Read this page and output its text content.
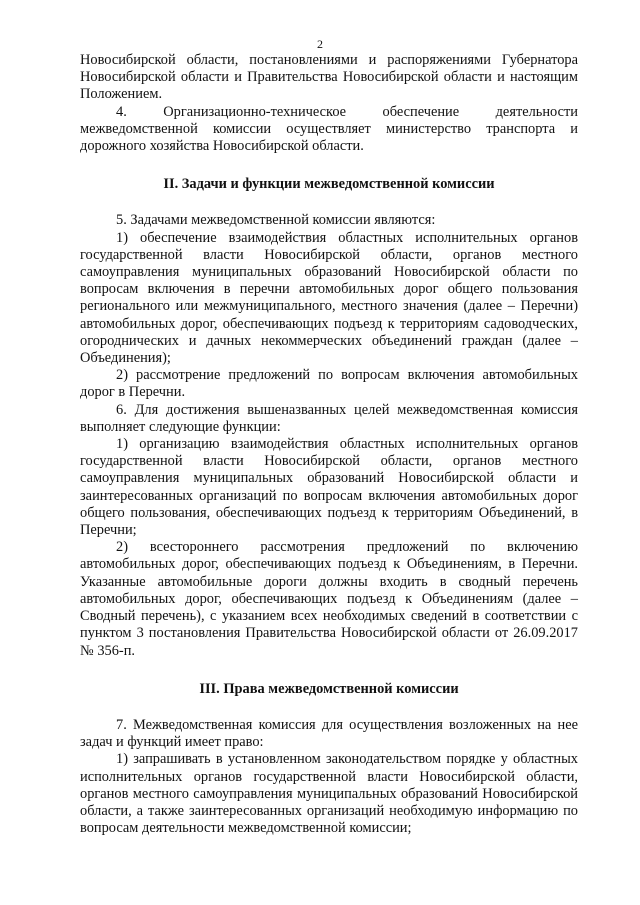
2

Новосибирской области, постановлениями и распоряжениями Губернатора Новосибирской области и Правительства Новосибирской области и настоящим Положением.

4. Организационно-техническое обеспечение деятельности межведомственной комиссии осуществляет министерство транспорта и дорожного хозяйства Новосибирской области.

II. Задачи и функции межведомственной комиссии

5. Задачами межведомственной комиссии являются:

1) обеспечение взаимодействия областных исполнительных органов государственной власти Новосибирской области, органов местного самоуправления муниципальных образований Новосибирской области по вопросам включения в перечни автомобильных дорог общего пользования регионального или межмуниципального, местного значения (далее – Перечни) автомобильных дорог, обеспечивающих подъезд к территориям садоводческих, огороднических и дачных некоммерческих объединений граждан (далее – Объединения);

2) рассмотрение предложений по вопросам включения автомобильных дорог в Перечни.

6. Для достижения вышеназванных целей межведомственная комиссия выполняет следующие функции:

1) организацию взаимодействия областных исполнительных органов государственной власти Новосибирской области, органов местного самоуправления муниципальных образований Новосибирской области и заинтересованных организаций по вопросам включения автомобильных дорог общего пользования, обеспечивающих подъезд к территориям Объединений, в Перечни;

2) всестороннего рассмотрения предложений по включению автомобильных дорог, обеспечивающих подъезд к Объединениям, в Перечни. Указанные автомобильные дороги должны входить в сводный перечень автомобильных дорог, обеспечивающих подъезд к Объединениям (далее – Сводный перечень), с указанием всех необходимых сведений в соответствии с пунктом 3 постановления Правительства Новосибирской области от 26.09.2017 № 356-п.

III. Права межведомственной комиссии

7. Межведомственная комиссия для осуществления возложенных на нее задач и функций имеет право:

1) запрашивать в установленном законодательством порядке у областных исполнительных органов государственной власти Новосибирской области, органов местного самоуправления муниципальных образований Новосибирской области, а также заинтересованных организаций необходимую информацию по вопросам деятельности межведомственной комиссии;
